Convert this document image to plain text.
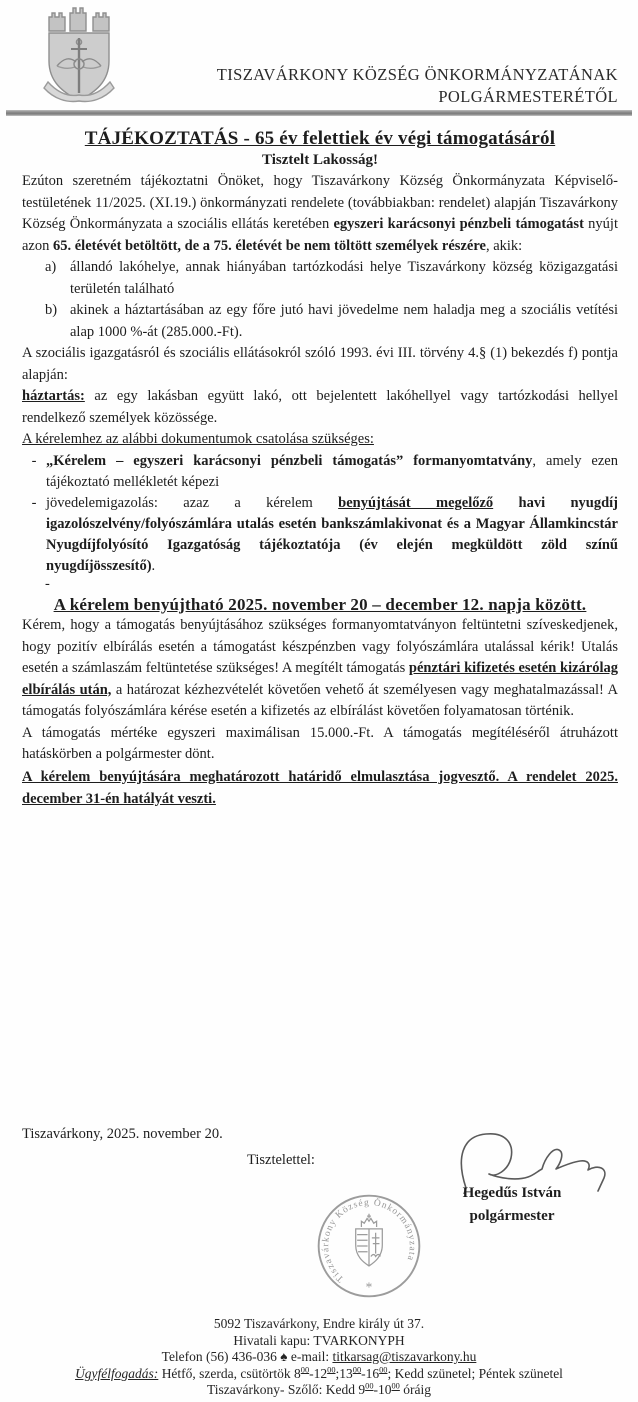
TISZAVÁRKONY KÖZSÉG ÖNKORMÁNYZATÁNAK
POLGÁRMESTERÉTŐL
TÁJÉKOZTATÁS - 65 év felettiek év végi támogatásáról
Tisztelt Lakosság!
Ezúton szeretném tájékoztatni Önöket, hogy Tiszavárkony Község Önkormányzata Képviselő-testületének 11/2025. (XI.19.) önkormányzati rendelete (továbbiakban: rendelet) alapján Tiszavárkony Község Önkormányzata a szociális ellátás keretében egyszeri karácsonyi pénzbeli támogatást nyújt azon 65. életévét betöltött, de a 75. életévét be nem töltött személyek részére, akik:
a) állandó lakóhelye, annak hiányában tartózkodási helye Tiszavárkony község közigazgatási területén található
b) akinek a háztartásában az egy főre jutó havi jövedelme nem haladja meg a szociális vetítési alap 1000 %-át (285.000.-Ft).
A szociális igazgatásról és szociális ellátásokról szóló 1993. évi III. törvény 4.§ (1) bekezdés f) pontja alapján:
háztartás: az egy lakásban együtt lakó, ott bejelentett lakóhellyel vagy tartózkodási hellyel rendelkező személyek közössége.
A kérelemhez az alábbi dokumentumok csatolása szükséges:
- „Kérelem – egyszeri karácsonyi pénzbeli támogatás” formanyomtatvány, amely ezen tájékoztató mellékletét képezi
- jövedelemigazolás: azaz a kérelem benyújtását megelőző havi nyugdíj igazolószelvény/folyószámlára utalás esetén bankszámlakivonat és a Magyar Államkincstár Nyugdíjfolyósító Igazgatóság tájékoztatója (év elején megküldött zöld színű nyugdíjösszesítő).
-
A kérelem benyújtható 2025. november 20 – december 12. napja között.
Kérem, hogy a támogatás benyújtásához szükséges formanyomtatványon feltüntetni szíveskedjenek, hogy pozitív elbírálás esetén a támogatást készpénzben vagy folyószámlára utalással kérik! Utalás esetén a számlaszám feltüntetése szükséges! A megítélt támogatás pénztári kifizetés esetén kizárólag elbírálás után, a határozat kézhezvételét követően vehető át személyesen vagy meghatalmazással! A támogatás folyószámlára kérése esetén a kifizetés az elbírálást követően folyamatosan történik.
A támogatás mértéke egyszeri maximálisan 15.000.-Ft. A támogatás megítéléséről átruházott hatáskörben a polgármester dönt.
A kérelem benyújtására meghatározott határidő elmulasztása jogvesztő. A rendelet 2025. december 31-én hatályát veszti.
Tiszavárkony, 2025. november 20.
Tisztelettel:
Hegedűs István
polgármester
Tiszavárkony Község Önkormányzata
*
5092 Tiszavárkony, Endre király út 37.
Hivatali kapu: TVARKONYPH
Telefon (56) 436-036 ♠ e-mail: titkarsag@tiszavarkony.hu
Ügyfélfogadás: Hétfő, szerda, csütörtök $8^{00}-12^{00};13^{00}-16^{00}$; Kedd szünetel; Péntek szünetel
Tiszavárkony- Szőlő: Kedd $9^{00}-10^{00}$ óráig
